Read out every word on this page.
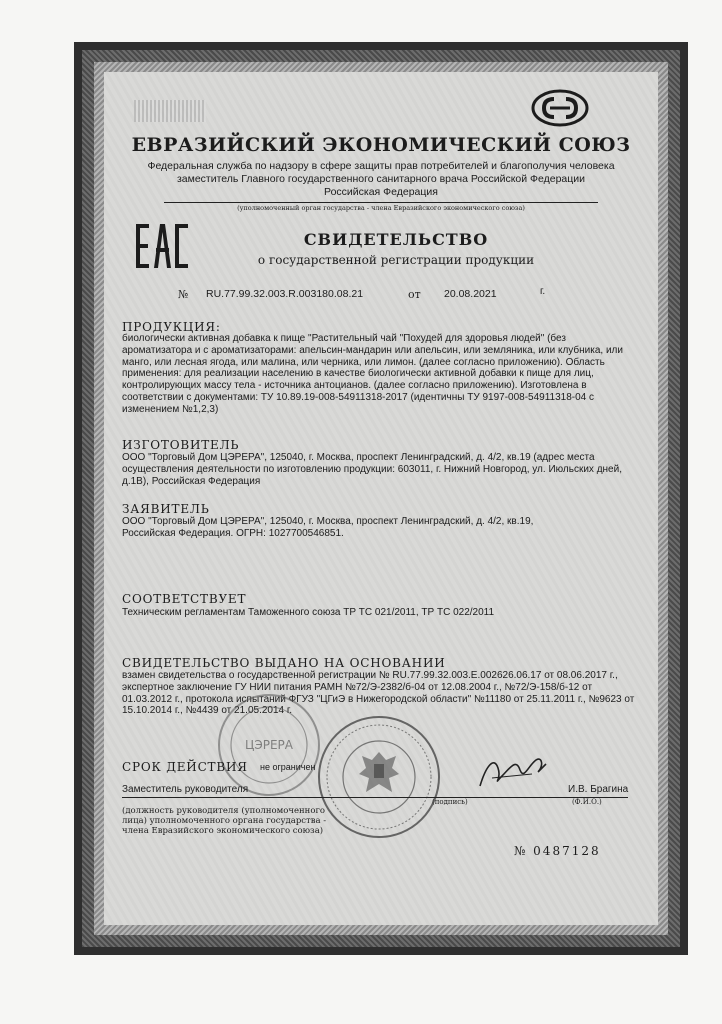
ЕВРАЗИЙСКИЙ ЭКОНОМИЧЕСКИЙ СОЮЗ
Федеральная служба по надзору в сфере защиты прав потребителей и благополучия человека
заместитель Главного государственного санитарного врача Российской Федерации
Российская Федерация
(уполномоченный орган государства - члена Евразийского экономического союза)
СВИДЕТЕЛЬСТВО
о государственной регистрации продукции
№ RU.77.99.32.003.R.003180.08.21	от 20.08.2021	г.
ПРОДУКЦИЯ:
биологически активная добавка к пище "Растительный чай "Похудей для здоровья людей" (без ароматизатора и с ароматизаторами: апельсин-мандарин или апельсин, или земляника, или клубника, или манго, или лесная ягода, или малина, или черника, или лимон. (далее согласно приложению). Область применения: для реализации населению в качестве биологически активной добавки к пище для лиц, контролирующих массу тела - источника антоцианов. (далее согласно приложению). Изготовлена в соответствии с документами: ТУ 10.89.19-008-54911318-2017 (идентичны ТУ 9197-008-54911318-04 с изменением №1,2,3)
ИЗГОТОВИТЕЛЬ
ООО "Торговый Дом ЦЭРЕРА", 125040, г. Москва, проспект Ленинградский, д. 4/2, кв.19 (адрес места осуществления деятельности по изготовлению продукции: 603011, г. Нижний Новгород, ул. Июльских дней, д.1В), Российская Федерация
ЗАЯВИТЕЛЬ
ООО "Торговый Дом ЦЭРЕРА", 125040, г. Москва, проспект Ленинградский, д. 4/2, кв.19, Российская Федерация. ОГРН: 1027700546851.
СООТВЕТСТВУЕТ
Техническим регламентам Таможенного союза ТР ТС 021/2011, ТР ТС 022/2011
СВИДЕТЕЛЬСТВО ВЫДАНО НА ОСНОВАНИИ
взамен свидетельства о государственной регистрации № RU.77.99.32.003.E.002626.06.17 от 08.06.2017 г., экспертное заключение ГУ НИИ питания РАМН №72/Э-2382/б-04 от 12.08.2004 г., №72/Э-158/б-12 от 01.03.2012 г., протокола испытаний ФГУЗ "ЦГиЭ в Нижегородской области" №11180 от 25.11.2011 г., №9623 от 15.10.2014 г., №4439 от 21.05.2014 г.
ЦЭРЕРА
СРОК ДЕЙСТВИЯ не ограничен
Заместитель руководителя	И.В. Брагина
(подпись)	(Ф.И.О.)
(должность руководителя (уполномоченного лица) уполномоченного органа государства - члена Евразийского экономического союза)
№ 0487128
